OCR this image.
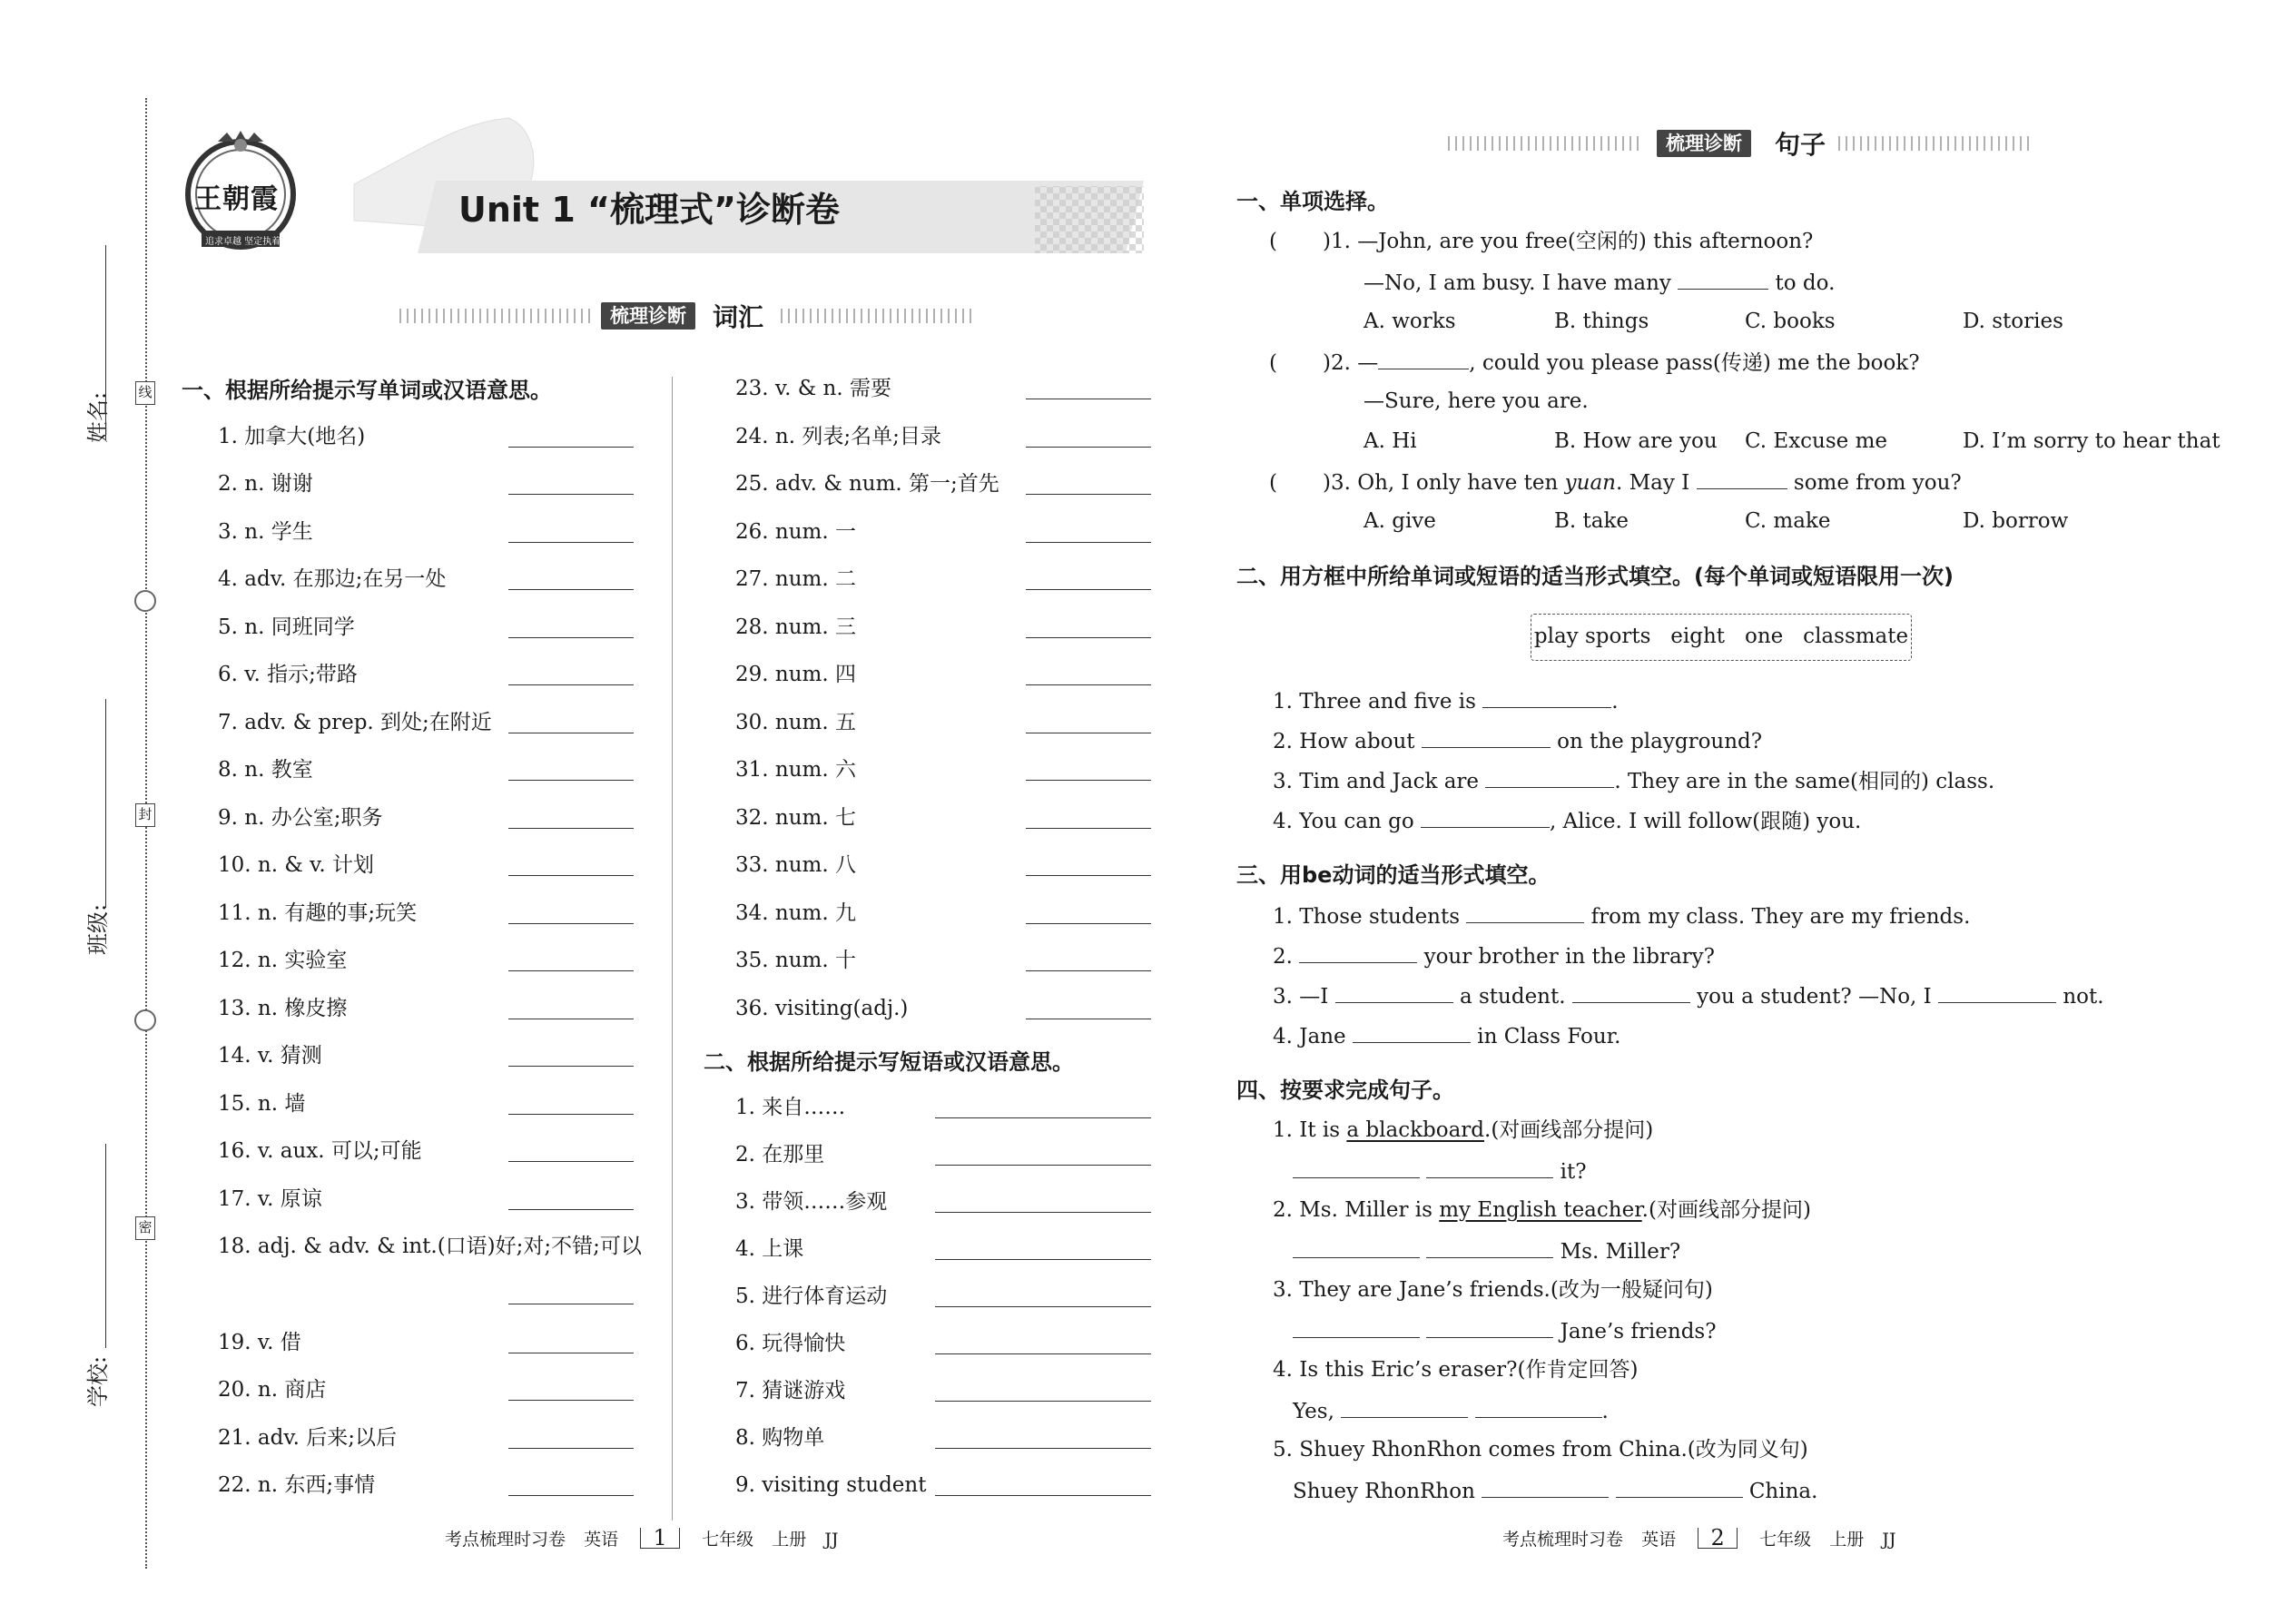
姓名:
班级:
学校:
线
封
密
王朝霞
追求卓越 坚定执着
Unit 1 “梳理式”诊断卷
梳理诊断	词汇
一、根据所给提示写单词或汉语意思。
1. 加拿大(地名)
2. n. 谢谢
3. n. 学生
4. adv. 在那边;在另一处
5. n. 同班同学
6. v. 指示;带路
7. adv. & prep. 到处;在附近
8. n. 教室
9. n. 办公室;职务
10. n. & v. 计划
11. n. 有趣的事;玩笑
12. n. 实验室
13. n. 橡皮擦
14. v. 猜测
15. n. 墙
16. v. aux. 可以;可能
17. v. 原谅
18. adj. & adv. & int.(口语)好;对;不错;可以
19. v. 借
20. n. 商店
21. adv. 后来;以后
22. n. 东西;事情
23. v. & n. 需要
24. n. 列表;名单;目录
25. adv. & num. 第一;首先
26. num. 一
27. num. 二
28. num. 三
29. num. 四
30. num. 五
31. num. 六
32. num. 七
33. num. 八
34. num. 九
35. num. 十
36. visiting(adj.)
二、根据所给提示写短语或汉语意思。
1. 来自……
2. 在那里
3. 带领……参观
4. 上课
5. 进行体育运动
6. 玩得愉快
7. 猜谜游戏
8. 购物单
9. visiting student
考点梳理时习卷 英语 1 七年级 上册 JJ
梳理诊断	句子
一、单项选择。
( )1. —John, are you free(空闲的) this afternoon?
—No, I am busy. I have many	to do.
A. works	B. things	C. books	D. stories
( )2. —	, could you please pass(传递) me the book?
—Sure, here you are.
A. Hi	B. How are you C. Excuse me	D. I’m sorry to hear that
( )3. Oh, I only have ten yuan. May I	some from you?
A. give	B. take	C. make	D. borrow
二、用方框中所给单词或短语的适当形式填空。(每个单词或短语限用一次)
play sports   eight   one   classmate
1. Three and five is	.
2. How about	on the playground?
3. Tim and Jack are	. They are in the same(相同的) class.
4. You can go	, Alice. I will follow(跟随) you.
三、用be动词的适当形式填空。
1. Those students	from my class. They are my friends.
2.	your brother in the library?
3. —I	a student.	you a student? —No, I	not.
4. Jane	in Class Four.
四、按要求完成句子。
1. It is a blackboard.(对画线部分提问)
it?
2. Ms. Miller is my English teacher.(对画线部分提问)
Ms. Miller?
3. They are Jane’s friends.(改为一般疑问句)
Jane’s friends?
4. Is this Eric’s eraser?(作肯定回答)
Yes,	.
5. Shuey RhonRhon comes from China.(改为同义句)
Shuey RhonRhon	China.
考点梳理时习卷 英语 2 七年级 上册 JJ
